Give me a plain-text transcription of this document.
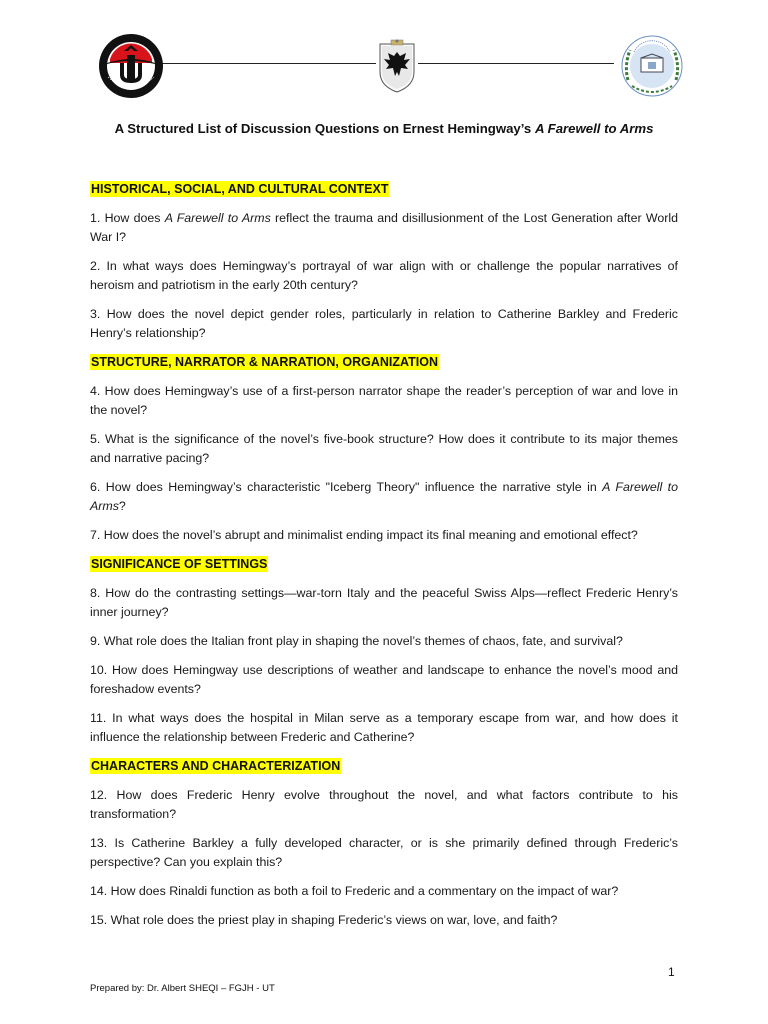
A Structured List of Discussion Questions on Ernest Hemingway’s A Farewell to Arms
HISTORICAL, SOCIAL, AND CULTURAL CONTEXT

1. How does A Farewell to Arms reflect the trauma and disillusionment of the Lost Generation after World War I?

2. In what ways does Hemingway’s portrayal of war align with or challenge the popular narratives of heroism and patriotism in the early 20th century?

3. How does the novel depict gender roles, particularly in relation to Catherine Barkley and Frederic Henry’s relationship?

STRUCTURE, NARRATOR & NARRATION, ORGANIZATION

4. How does Hemingway’s use of a first-person narrator shape the reader’s perception of war and love in the novel?

5. What is the significance of the novel’s five-book structure? How does it contribute to its major themes and narrative pacing?

6. How does Hemingway’s characteristic "Iceberg Theory" influence the narrative style in A Farewell to Arms?

7. How does the novel’s abrupt and minimalist ending impact its final meaning and emotional effect?

SIGNIFICANCE OF SETTINGS

8. How do the contrasting settings—war-torn Italy and the peaceful Swiss Alps—reflect Frederic Henry’s inner journey?

9. What role does the Italian front play in shaping the novel’s themes of chaos, fate, and survival?

10. How does Hemingway use descriptions of weather and landscape to enhance the novel’s mood and foreshadow events?

11. In what ways does the hospital in Milan serve as a temporary escape from war, and how does it influence the relationship between Frederic and Catherine?

CHARACTERS AND CHARACTERIZATION

12. How does Frederic Henry evolve throughout the novel, and what factors contribute to his transformation?

13. Is Catherine Barkley a fully developed character, or is she primarily defined through Frederic’s perspective? Can you explain this?

14. How does Rinaldi function as both a foil to Frederic and a commentary on the impact of war?

15. What role does the priest play in shaping Frederic’s views on war, love, and faith?

1
Prepared by: Dr. Albert SHEQI – FGJH - UT
